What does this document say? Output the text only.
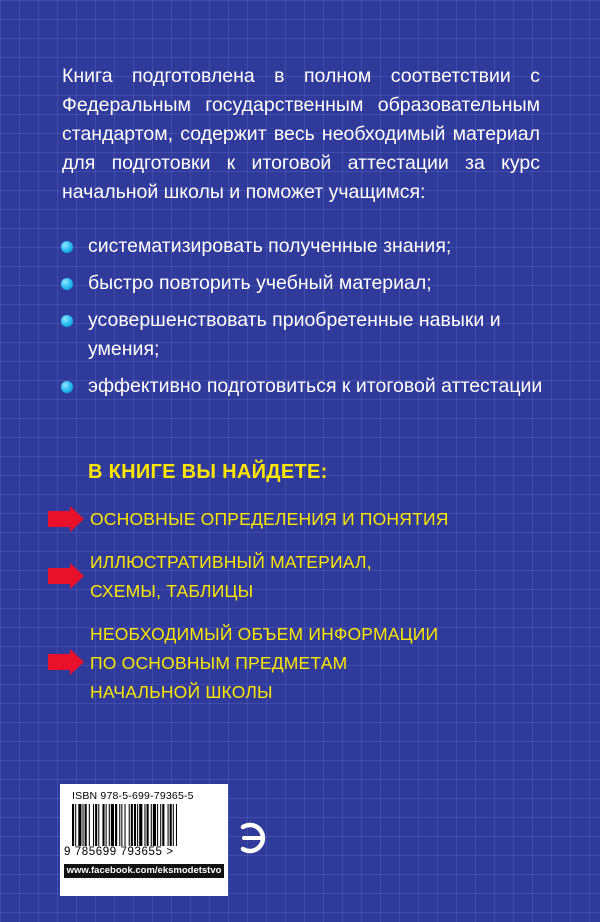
Книга подготовлена в полном соответствии с Федеральным государственным образовательным стандартом, содержит весь необходимый материал для подготовки к итоговой аттестации за курс начальной школы и поможет учащимся:
систематизировать полученные знания;
быстро повторить учебный материал;
усовершенствовать приобретенные навыки и умения;
эффективно подготовиться к итоговой аттестации
В КНИГЕ ВЫ НАЙДЕТЕ:
ОСНОВНЫЕ ОПРЕДЕЛЕНИЯ И ПОНЯТИЯ
ИЛЛЮСТРАТИВНЫЙ МАТЕРИАЛ,
СХЕМЫ, ТАБЛИЦЫ
НЕОБХОДИМЫЙ ОБЪЕМ ИНФОРМАЦИИ
ПО ОСНОВНЫМ ПРЕДМЕТАМ
НАЧАЛЬНОЙ ШКОЛЫ
ISBN 978-5-699-79365-5
9 785699 793655 >
www.facebook.com/eksmodetstvo
